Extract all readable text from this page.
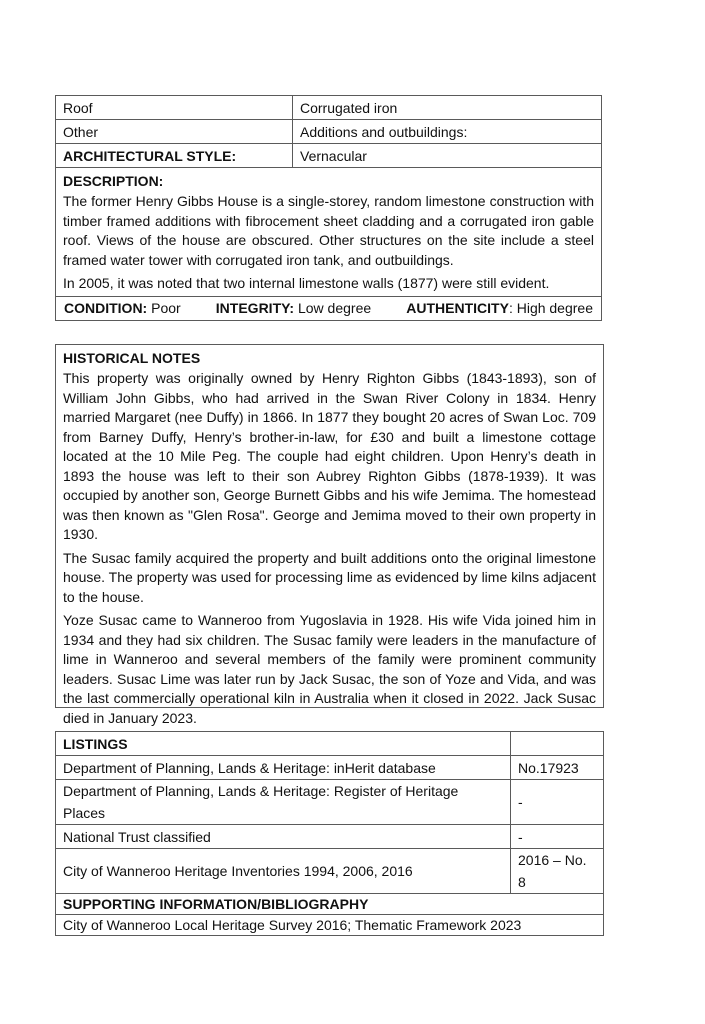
Roof	Corrugated iron
Other	Additions and outbuildings:
ARCHITECTURAL STYLE:	Vernacular

DESCRIPTION:

The former Henry Gibbs House is a single-storey, random limestone construction with timber framed additions with fibrocement sheet cladding and a corrugated iron gable roof. Views of the house are obscured. Other structures on the site include a steel framed water tower with corrugated iron tank, and outbuildings.

In 2005, it was noted that two internal limestone walls (1877) were still evident.	

CONDITION: Poor INTEGRITY: Low degree AUTHENTICITY: High degree	
HISTORICAL NOTES

This property was originally owned by Henry Righton Gibbs (1843-1893), son of William John Gibbs, who had arrived in the Swan River Colony in 1834. Henry married Margaret (nee Duffy) in 1866. In 1877 they bought 20 acres of Swan Loc. 709 from Barney Duffy, Henry’s brother-in-law, for £30 and built a limestone cottage located at the 10 Mile Peg. The couple had eight children. Upon Henry’s death in 1893 the house was left to their son Aubrey Righton Gibbs (1878-1939). It was occupied by another son, George Burnett Gibbs and his wife Jemima. The homestead was then known as "Glen Rosa". George and Jemima moved to their own property in 1930.

The Susac family acquired the property and built additions onto the original limestone house. The property was used for processing lime as evidenced by lime kilns adjacent to the house.

Yoze Susac came to Wanneroo from Yugoslavia in 1928. His wife Vida joined him in 1934 and they had six children. The Susac family were leaders in the manufacture of lime in Wanneroo and several members of the family were prominent community leaders. Susac Lime was later run by Jack Susac, the son of Yoze and Vida, and was the last commercially operational kiln in Australia when it closed in 2022. Jack Susac died in January 2023.

LISTINGS	
Department of Planning, Lands & Heritage: inHerit database	No.17923
Department of Planning, Lands & Heritage: Register of Heritage Places	-
National Trust classified	-
City of Wanneroo Heritage Inventories 1994, 2006, 2016	2016 – No. 8
SUPPORTING INFORMATION/BIBLIOGRAPHY	
City of Wanneroo Local Heritage Survey 2016; Thematic Framework 2023	
